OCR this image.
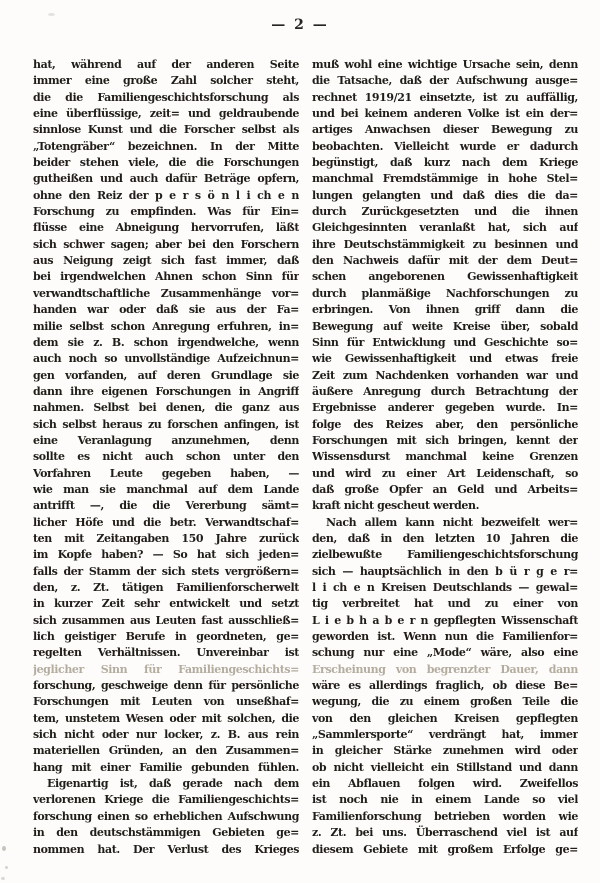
— 2 —
hat, während auf der anderen Seite
immer eine große Zahl solcher steht,
die die Familiengeschichtsforschung als
eine überflüssige, zeit= und geldraubende
sinnlose Kunst und die Forscher selbst als
„Totengräber“ bezeichnen. In der Mitte
beider stehen viele, die die Forschungen
gutheißen und auch dafür Beträge opfern,
ohne den Reiz der p e r s ö n l i ch e n
Forschung zu empfinden. Was für Ein=
flüsse eine Abneigung hervorrufen, läßt
sich schwer sagen; aber bei den Forschern
aus Neigung zeigt sich fast immer, daß
bei irgendwelchen Ahnen schon Sinn für
verwandtschaftliche Zusammenhänge vor=
handen war oder daß sie aus der Fa=
milie selbst schon Anregung erfuhren, in=
dem sie z. B. schon irgendwelche, wenn
auch noch so unvollständige Aufzeichnun=
gen vorfanden, auf deren Grundlage sie
dann ihre eigenen Forschungen in Angriff
nahmen. Selbst bei denen, die ganz aus
sich selbst heraus zu forschen anfingen, ist
eine Veranlagung anzunehmen, denn
sollte es nicht auch schon unter den
Vorfahren Leute gegeben haben, —
wie man sie manchmal auf dem Lande
antrifft —, die die Vererbung sämt=
licher Höfe und die betr. Verwandtschaf=
ten mit Zeitangaben 150 Jahre zurück
im Kopfe haben? — So hat sich jeden=
falls der Stamm der sich stets vergrößern=
den, z. Zt. tätigen Familienforscherwelt
in kurzer Zeit sehr entwickelt und setzt
sich zusammen aus Leuten fast ausschließ=
lich geistiger Berufe in geordneten, ge=
regelten Verhältnissen. Unvereinbar ist
jeglicher Sinn für Familiengeschichts=
forschung, geschweige denn für persönliche
Forschungen mit Leuten von unseßhaf=
tem, unstetem Wesen oder mit solchen, die
sich nicht oder nur locker, z. B. aus rein
materiellen Gründen, an den Zusammen=
hang mit einer Familie gebunden fühlen.
Eigenartig ist, daß gerade nach dem
verlorenen Kriege die Familiengeschichts=
forschung einen so erheblichen Aufschwung
in den deutschstämmigen Gebieten ge=
nommen hat. Der Verlust des Krieges
muß wohl eine wichtige Ursache sein, denn
die Tatsache, daß der Aufschwung ausge=
rechnet 1919/21 einsetzte, ist zu auffällig,
und bei keinem anderen Volke ist ein der=
artiges Anwachsen dieser Bewegung zu
beobachten. Vielleicht wurde er dadurch
begünstigt, daß kurz nach dem Kriege
manchmal Fremdstämmige in hohe Stel=
lungen gelangten und daß dies die da=
durch Zurückgesetzten und die ihnen
Gleichgesinnten veranlaßt hat, sich auf
ihre Deutschstämmigkeit zu besinnen und
den Nachweis dafür mit der dem Deut=
schen angeborenen Gewissenhaftigkeit
durch planmäßige Nachforschungen zu
erbringen. Von ihnen griff dann die
Bewegung auf weite Kreise über, sobald
Sinn für Entwicklung und Geschichte so=
wie Gewissenhaftigkeit und etwas freie
Zeit zum Nachdenken vorhanden war und
äußere Anregung durch Betrachtung der
Ergebnisse anderer gegeben wurde. In=
folge des Reizes aber, den persönliche
Forschungen mit sich bringen, kennt der
Wissensdurst manchmal keine Grenzen
und wird zu einer Art Leidenschaft, so
daß große Opfer an Geld und Arbeits=
kraft nicht gescheut werden.
Nach allem kann nicht bezweifelt wer=
den, daß in den letzten 10 Jahren die
zielbewußte Familiengeschichtsforschung
sich — hauptsächlich in den b ü r g e r=
l i ch e n Kreisen Deutschlands — gewal=
tig verbreitet hat und zu einer von
L i e b h a b e r n gepflegten Wissenschaft
geworden ist. Wenn nun die Familienfor=
schung nur eine „Mode“ wäre, also eine
Erscheinung von begrenzter Dauer, dann
wäre es allerdings fraglich, ob diese Be=
wegung, die zu einem großen Teile die
von den gleichen Kreisen gepflegten
„Sammlersporte“ verdrängt hat, immer
in gleicher Stärke zunehmen wird oder
ob nicht vielleicht ein Stillstand und dann
ein Abflauen folgen wird. Zweifellos
ist noch nie in einem Lande so viel
Familienforschung betrieben worden wie
z. Zt. bei uns. Überraschend viel ist auf
diesem Gebiete mit großem Erfolge ge=
